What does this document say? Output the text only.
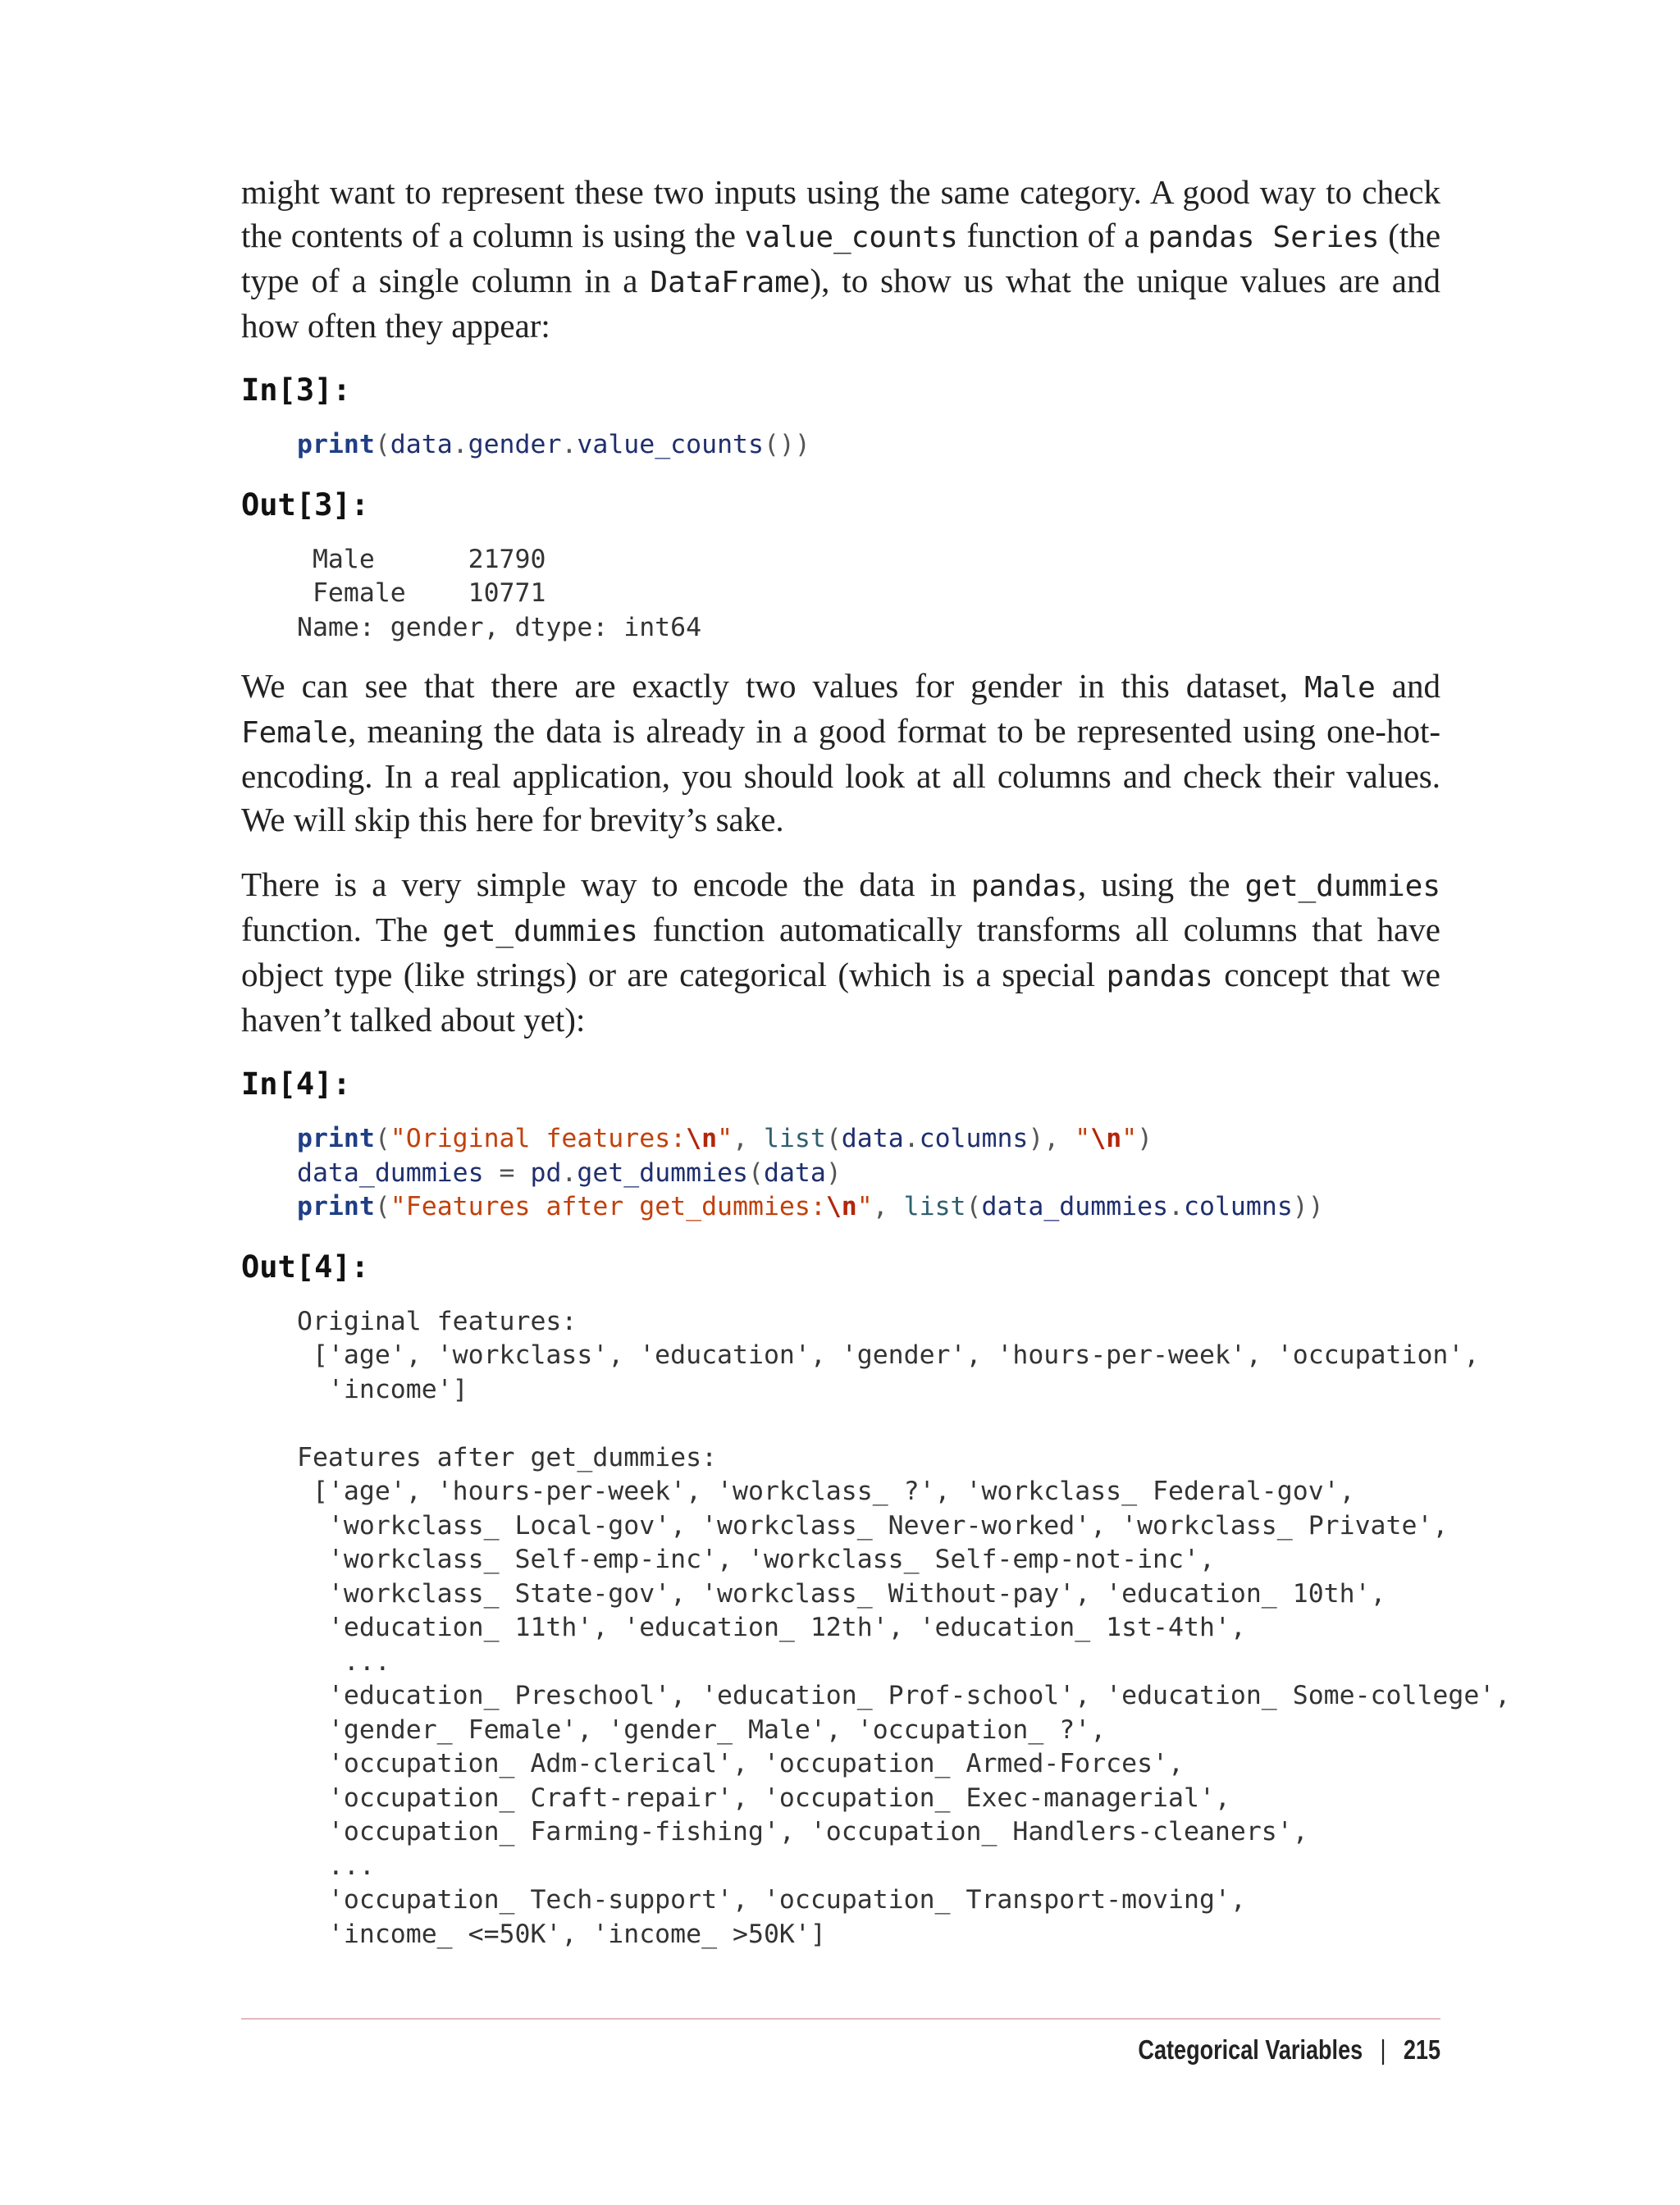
might want to represent these two inputs using the same category. A good way to check the contents of a column is using the value_counts function of a pandas Series (the type of a single column in a DataFrame), to show us what the unique values are and how often they appear:

In[3]:
print(data.gender.value_counts())
Out[3]:
Male      21790
Female    10771
Name: gender, dtype: int64

We can see that there are exactly two values for gender in this dataset, Male and Female, meaning the data is already in a good format to be represented using one-hot-encoding. In a real application, you should look at all columns and check their values. We will skip this here for brevity’s sake.

There is a very simple way to encode the data in pandas, using the get_dummies function. The get_dummies function automatically transforms all columns that have object type (like strings) or are categorical (which is a special pandas concept that we haven’t talked about yet):

In[4]:
print("Original features:\n", list(data.columns), "\n")
data_dummies = pd.get_dummies(data)
print("Features after get_dummies:\n", list(data_dummies.columns))
Out[4]:
Original features:
['age', 'workclass', 'education', 'gender', 'hours-per-week', 'occupation',
'income']

Features after get_dummies:
['age', 'hours-per-week', 'workclass_ ?', 'workclass_ Federal-gov',
'workclass_ Local-gov', 'workclass_ Never-worked', 'workclass_ Private',
'workclass_ Self-emp-inc', 'workclass_ Self-emp-not-inc',
'workclass_ State-gov', 'workclass_ Without-pay', 'education_ 10th',
'education_ 11th', 'education_ 12th', 'education_ 1st-4th',
...
'education_ Preschool', 'education_ Prof-school', 'education_ Some-college',
'gender_ Female', 'gender_ Male', 'occupation_ ?',
'occupation_ Adm-clerical', 'occupation_ Armed-Forces',
'occupation_ Craft-repair', 'occupation_ Exec-managerial',
'occupation_ Farming-fishing', 'occupation_ Handlers-cleaners',
...
'occupation_ Tech-support', 'occupation_ Transport-moving',
'income_ <=50K', 'income_ >50K']
Categorical Variables | 215
